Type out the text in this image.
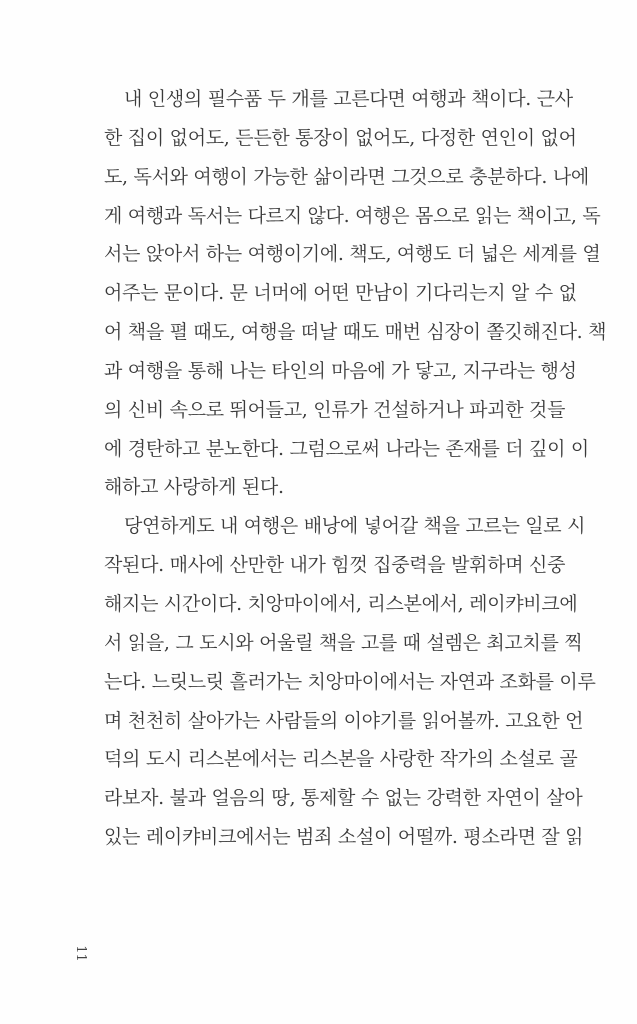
내 인생의 필수품 두 개를 고른다면 여행과 책이다. 근사
한 집이 없어도, 든든한 통장이 없어도, 다정한 연인이 없어
도, 독서와 여행이 가능한 삶이라면 그것으로 충분하다. 나에
게 여행과 독서는 다르지 않다. 여행은 몸으로 읽는 책이고, 독
서는 앉아서 하는 여행이기에. 책도, 여행도 더 넓은 세계를 열
어주는 문이다. 문 너머에 어떤 만남이 기다리는지 알 수 없
어 책을 펼 때도, 여행을 떠날 때도 매번 심장이 쫄깃해진다. 책
과 여행을 통해 나는 타인의 마음에 가 닿고, 지구라는 행성
의 신비 속으로 뛰어들고, 인류가 건설하거나 파괴한 것들
에 경탄하고 분노한다. 그럼으로써 나라는 존재를 더 깊이 이
해하고 사랑하게 된다.
당연하게도 내 여행은 배낭에 넣어갈 책을 고르는 일로 시
작된다. 매사에 산만한 내가 힘껏 집중력을 발휘하며 신중
해지는 시간이다. 치앙마이에서, 리스본에서, 레이캬비크에
서 읽을, 그 도시와 어울릴 책을 고를 때 설렘은 최고치를 찍
는다. 느릿느릿 흘러가는 치앙마이에서는 자연과 조화를 이루
며 천천히 살아가는 사람들의 이야기를 읽어볼까. 고요한 언
덕의 도시 리스본에서는 리스본을 사랑한 작가의 소설로 골
라보자. 불과 얼음의 땅, 통제할 수 없는 강력한 자연이 살아
있는 레이캬비크에서는 범죄 소설이 어떨까. 평소라면 잘 읽
11
